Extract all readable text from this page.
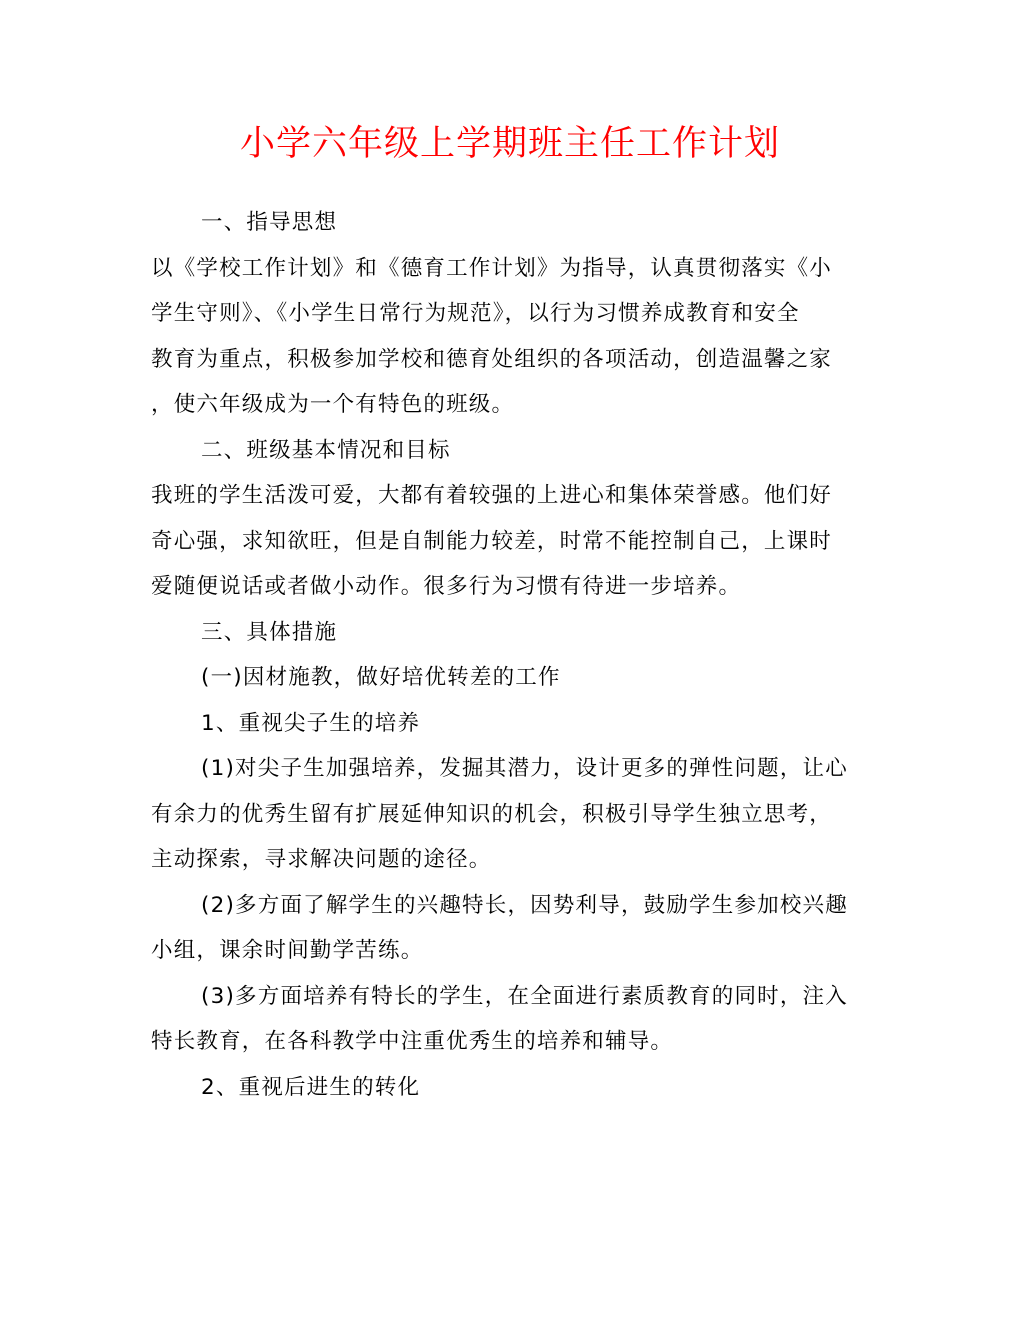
小学六年级上学期班主任工作计划
一、指导思想
以《学校工作计划》和《德育工作计划》为指导，认真贯彻落实《小
学生守则》、《小学生日常行为规范》，以行为习惯养成教育和安全
教育为重点，积极参加学校和德育处组织的各项活动，创造温馨之家
，使六年级成为一个有特色的班级。
二、班级基本情况和目标
我班的学生活泼可爱，大都有着较强的上进心和集体荣誉感。他们好
奇心强，求知欲旺，但是自制能力较差，时常不能控制自己，上课时
爱随便说话或者做小动作。很多行为习惯有待进一步培养。
三、具体措施
(一)因材施教，做好培优转差的工作
1、重视尖子生的培养
(1)对尖子生加强培养，发掘其潜力，设计更多的弹性问题，让心
有余力的优秀生留有扩展延伸知识的机会，积极引导学生独立思考，
主动探索，寻求解决问题的途径。
(2)多方面了解学生的兴趣特长，因势利导，鼓励学生参加校兴趣
小组，课余时间勤学苦练。
(3)多方面培养有特长的学生，在全面进行素质教育的同时，注入
特长教育，在各科教学中注重优秀生的培养和辅导。
2、重视后进生的转化
